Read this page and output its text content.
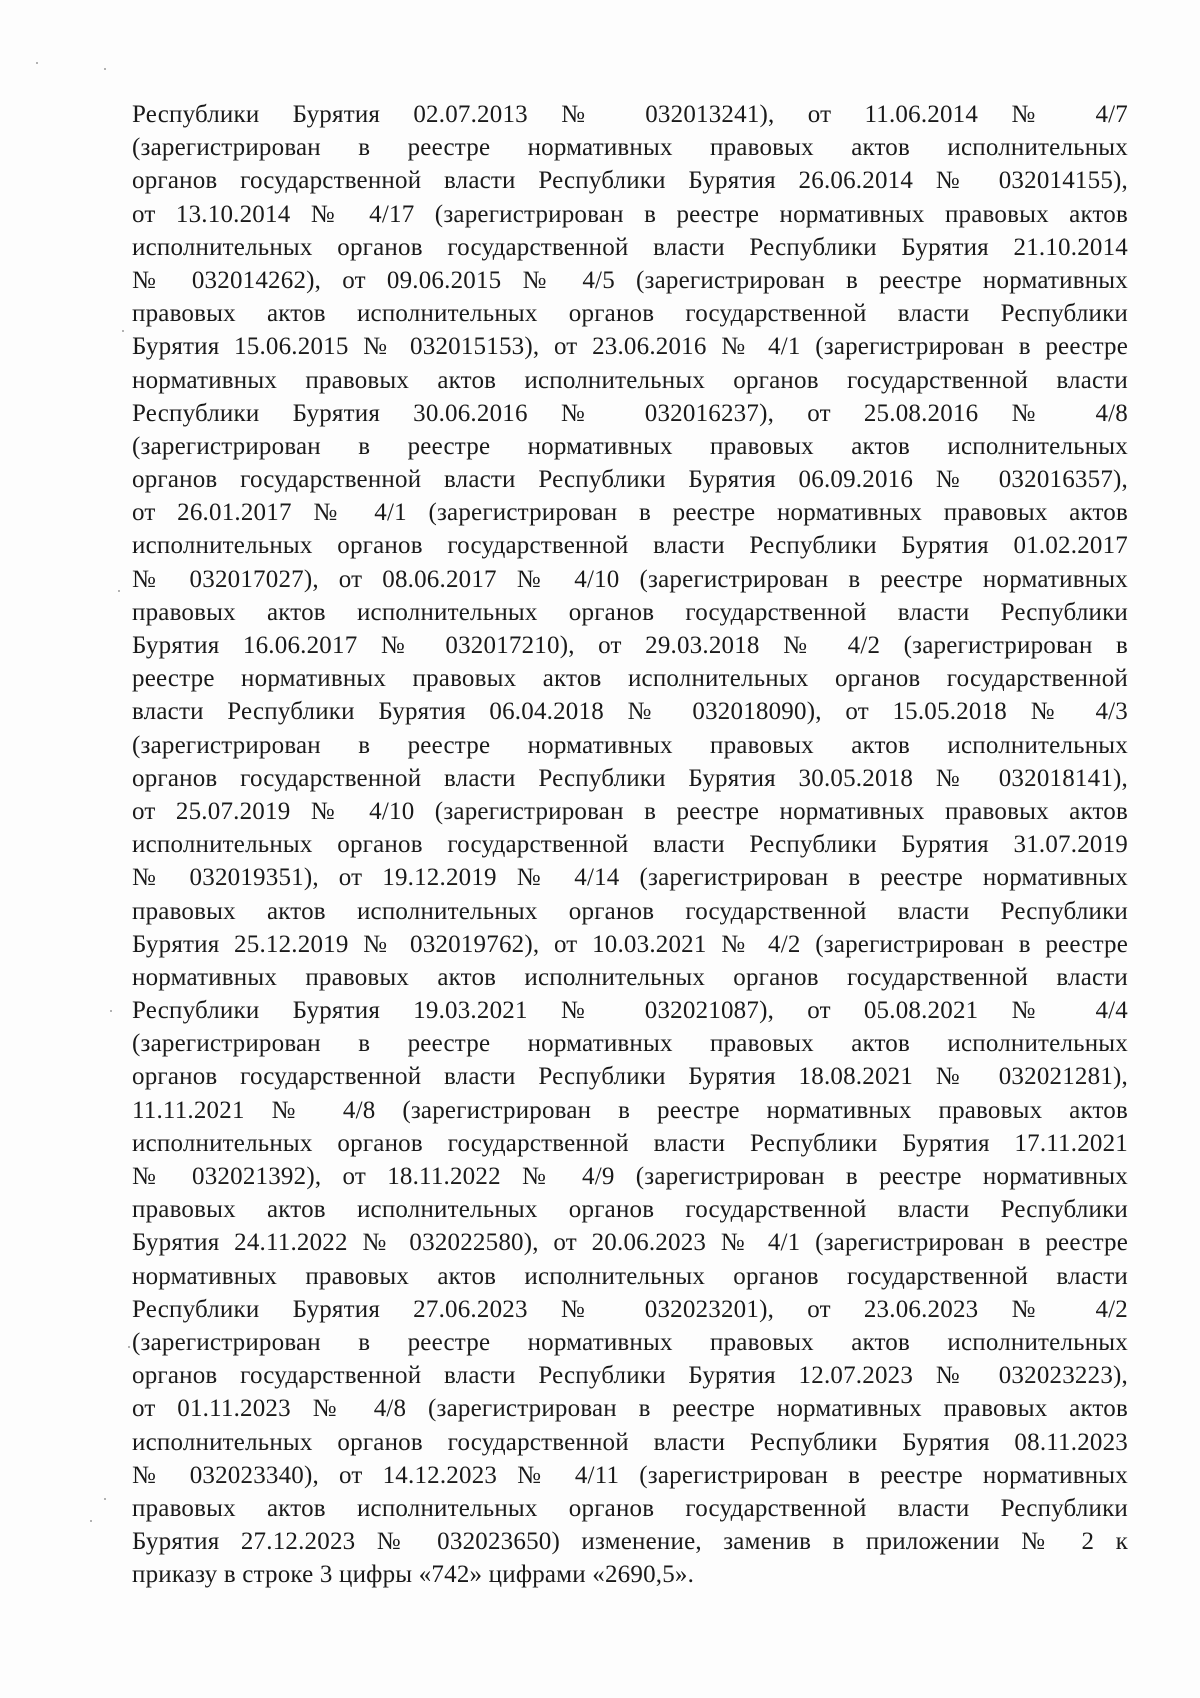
Республики Бурятия 02.07.2013 № 032013241), от 11.06.2014 № 4/7
(зарегистрирован в реестре нормативных правовых актов исполнительных
органов государственной власти Республики Бурятия 26.06.2014 № 032014155),
от 13.10.2014 № 4/17 (зарегистрирован в реестре нормативных правовых актов
исполнительных органов государственной власти Республики Бурятия 21.10.2014
№ 032014262), от 09.06.2015 № 4/5 (зарегистрирован в реестре нормативных
правовых актов исполнительных органов государственной власти Республики
Бурятия 15.06.2015 № 032015153), от 23.06.2016 № 4/1 (зарегистрирован в реестре
нормативных правовых актов исполнительных органов государственной власти
Республики Бурятия 30.06.2016 № 032016237), от 25.08.2016 № 4/8
(зарегистрирован в реестре нормативных правовых актов исполнительных
органов государственной власти Республики Бурятия 06.09.2016 № 032016357),
от 26.01.2017 № 4/1 (зарегистрирован в реестре нормативных правовых актов
исполнительных органов государственной власти Республики Бурятия 01.02.2017
№ 032017027), от 08.06.2017 № 4/10 (зарегистрирован в реестре нормативных
правовых актов исполнительных органов государственной власти Республики
Бурятия 16.06.2017 № 032017210), от 29.03.2018 № 4/2 (зарегистрирован в
реестре нормативных правовых актов исполнительных органов государственной
власти Республики Бурятия 06.04.2018 № 032018090), от 15.05.2018 № 4/3
(зарегистрирован в реестре нормативных правовых актов исполнительных
органов государственной власти Республики Бурятия 30.05.2018 № 032018141),
от 25.07.2019 № 4/10 (зарегистрирован в реестре нормативных правовых актов
исполнительных органов государственной власти Республики Бурятия 31.07.2019
№ 032019351), от 19.12.2019 № 4/14 (зарегистрирован в реестре нормативных
правовых актов исполнительных органов государственной власти Республики
Бурятия 25.12.2019 № 032019762), от 10.03.2021 № 4/2 (зарегистрирован в реестре
нормативных правовых актов исполнительных органов государственной власти
Республики Бурятия 19.03.2021 № 032021087), от 05.08.2021 № 4/4
(зарегистрирован в реестре нормативных правовых актов исполнительных
органов государственной власти Республики Бурятия 18.08.2021 № 032021281),
11.11.2021 № 4/8 (зарегистрирован в реестре нормативных правовых актов
исполнительных органов государственной власти Республики Бурятия 17.11.2021
№ 032021392), от 18.11.2022 № 4/9 (зарегистрирован в реестре нормативных
правовых актов исполнительных органов государственной власти Республики
Бурятия 24.11.2022 № 032022580), от 20.06.2023 № 4/1 (зарегистрирован в реестре
нормативных правовых актов исполнительных органов государственной власти
Республики Бурятия 27.06.2023 № 032023201), от 23.06.2023 № 4/2
(зарегистрирован в реестре нормативных правовых актов исполнительных
органов государственной власти Республики Бурятия 12.07.2023 № 032023223),
от 01.11.2023 № 4/8 (зарегистрирован в реестре нормативных правовых актов
исполнительных органов государственной власти Республики Бурятия 08.11.2023
№ 032023340), от 14.12.2023 № 4/11 (зарегистрирован в реестре нормативных
правовых актов исполнительных органов государственной власти Республики
Бурятия 27.12.2023 № 032023650) изменение, заменив в приложении № 2 к
приказу в строке 3 цифры «742» цифрами «2690,5».
